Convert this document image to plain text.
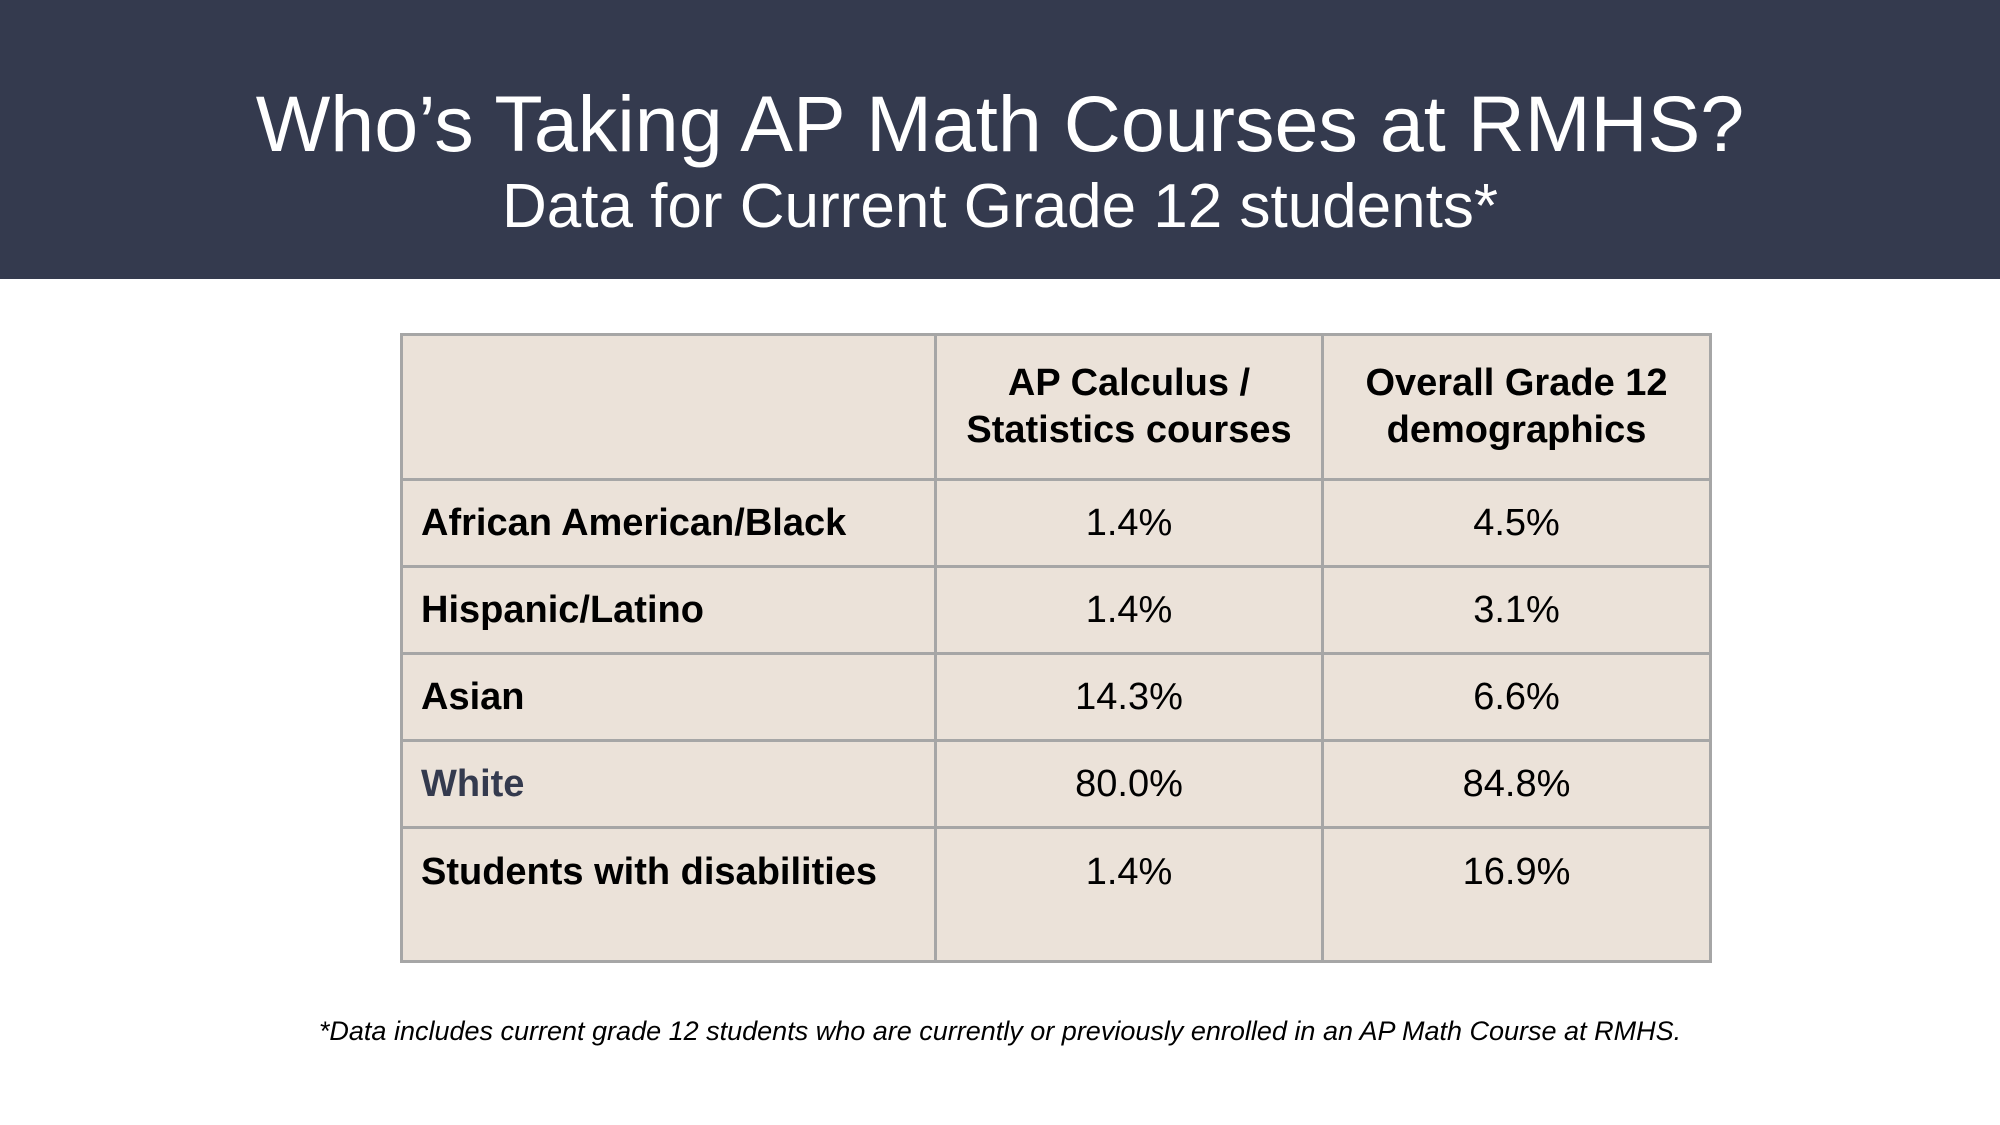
Who’s Taking AP Math Courses at RMHS?
Data for Current Grade 12 students*
	AP Calculus / Statistics courses	Overall Grade 12 demographics
African American/Black	1.4%	4.5%
Hispanic/Latino	1.4%	3.1%
Asian	14.3%	6.6%
White	80.0%	84.8%
Students with disabilities	1.4%	16.9%
*Data includes current grade 12 students who are currently or previously enrolled in an AP Math Course at RMHS.
